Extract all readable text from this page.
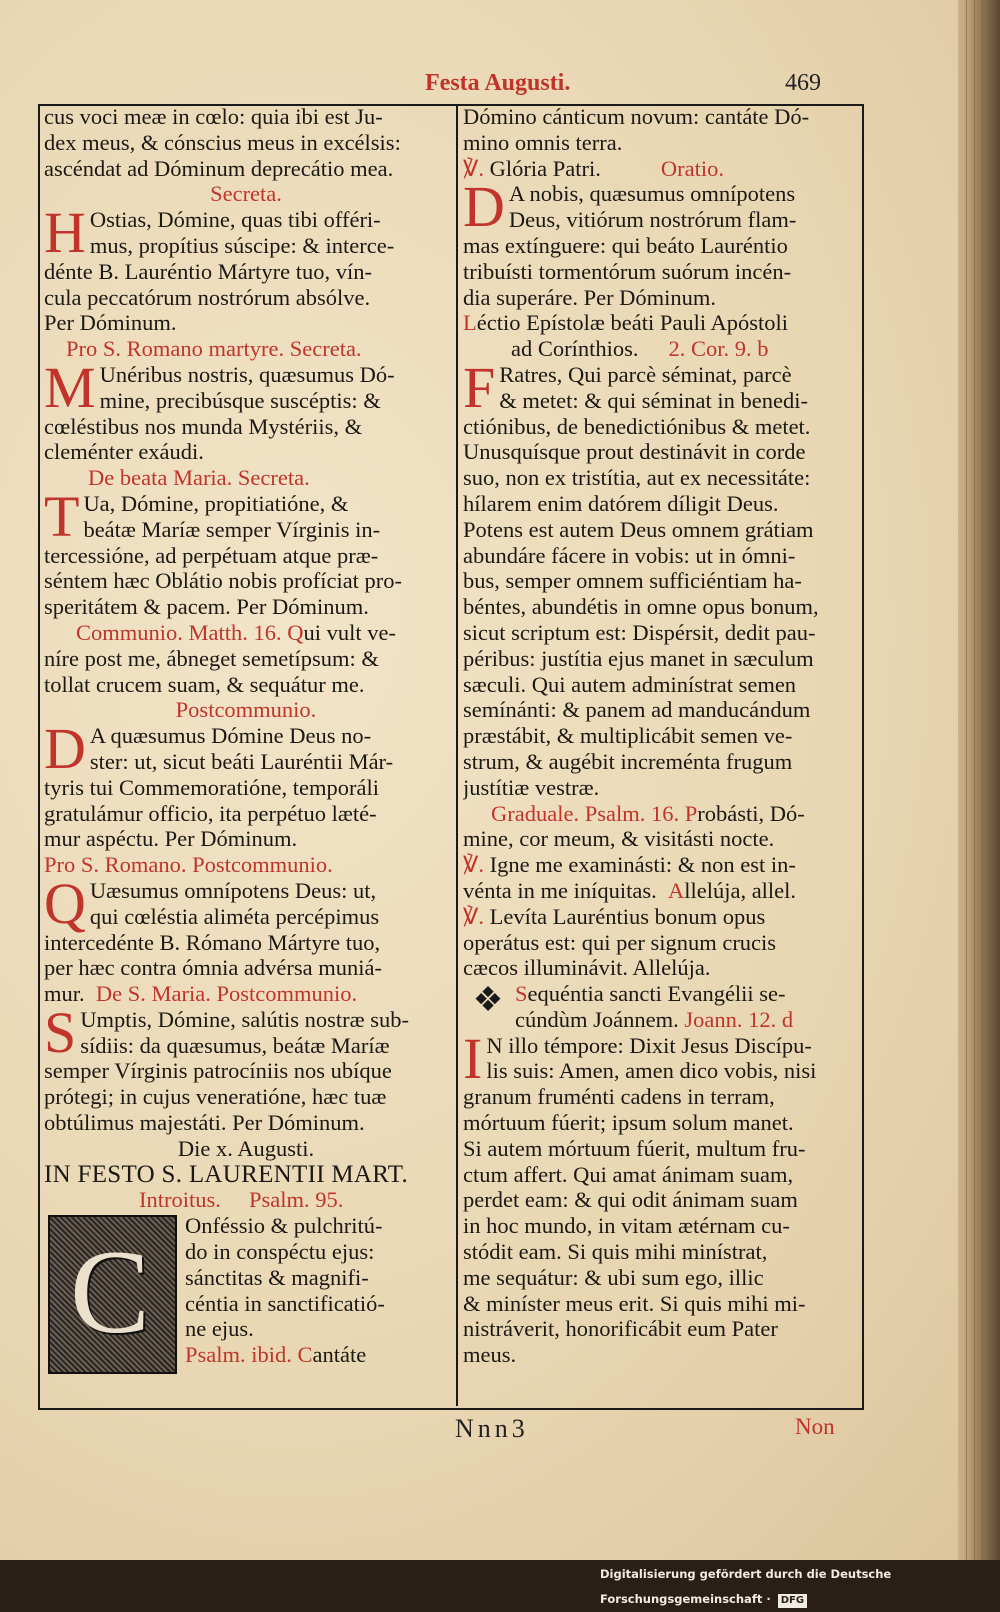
Festa Augusti.	469
cus voci meæ in cœlo: quia ibi est Ju-
dex meus, & cónscius meus in excélsis:
ascéndat ad Dóminum deprecátio mea.
Secreta.
H Ostias, Dómine, quas tibi offéri-
mus, propítius súscipe: & interce-
dénte B. Lauréntio Mártyre tuo, vín-
cula peccatórum nostrórum absólve.
Per Dóminum.
Pro S. Romano martyre. Secreta.
M Unéribus nostris, quæsumus Dó-
mine, precibúsque suscéptis: &
cœléstibus nos munda Mystériis, &
cleménter exáudi.
De beata Maria. Secreta.
T Ua, Dómine, propitiatióne, &
beátæ Maríæ semper Vírginis in-
tercessióne, ad perpétuam atque præ-
séntem hæc Oblátio nobis profíciat pro-
speritátem & pacem. Per Dóminum.
Communio. Matth. 16. Qui vult ve-
níre post me, ábneget semetípsum: &
tollat crucem suam, & sequátur me.
Postcommunio.
D A quæsumus Dómine Deus no-
ster: ut, sicut beáti Lauréntii Már-
tyris tui Commemoratióne, temporáli
gratulámur officio, ita perpétuo læté-
mur aspéctu. Per Dóminum.
Pro S. Romano. Postcommunio.
Q Uæsumus omnípotens Deus: ut,
qui cœléstia aliméta percépimus
intercedénte B. Rómano Mártyre tuo,
per hæc contra ómnia advérsa muniá-
mur. De S. Maria. Postcommunio.
S Umptis, Dómine, salútis nostræ sub-
sídiis: da quæsumus, beátæ Maríæ
semper Vírginis patrocíniis nos ubíque
prótegi; in cujus veneratióne, hæc tuæ
obtúlimus majestáti. Per Dóminum.
Die x. Augusti.
IN FESTO S. LAURENTII MART.
Introitus. Psalm. 95.
C Onféssio & pulchritú-
do in conspéctu ejus:
sánctitas & magnifi-
céntia in sanctificatió-
ne ejus.
Psalm. ibid. Cantáte
Dómino cánticum novum: cantáte Dó-
mino omnis terra.
℣. Glória Patri.	Oratio.
D A nobis, quæsumus omnípotens
Deus, vitiórum nostrórum flam-
mas extínguere: qui beáto Lauréntio
tribuísti tormentórum suórum incén-
dia superáre. Per Dóminum.
Léctio Epístolæ beáti Pauli Apóstoli
ad Corínthios. 2. Cor. 9. b
F Ratres, Qui parcè séminat, parcè
& metet: & qui séminat in benedi-
ctiónibus, de benedictiónibus & metet.
Unusquísque prout destinávit in corde
suo, non ex tristítia, aut ex necessitáte:
hílarem enim datórem díligit Deus.
Potens est autem Deus omnem grátiam
abundáre fácere in vobis: ut in ómni-
bus, semper omnem sufficiéntiam ha-
béntes, abundétis in omne opus bonum,
sicut scriptum est: Dispérsit, dedit pau-
péribus: justítia ejus manet in sæculum
sæculi. Qui autem adminístrat semen
semínánti: & panem ad manducándum
præstábit, & multiplicábit semen ve-
strum, & augébit increménta frugum
justítiæ vestræ.
Graduale. Psalm. 16. Probásti, Dó-
mine, cor meum, & visitásti nocte.
℣. Igne me examinásti: & non est in-
vénta in me iníquitas. Allelúja, allel.
℣. Levíta Lauréntius bonum opus
operátus est: qui per signum crucis
cæcos illuminávit. Allelúja.
❖ Sequéntia sancti Evangélii se-
cúndùm Joánnem. Joann. 12. d
I N illo témpore: Dixit Jesus Discípu-
lis suis: Amen, amen dico vobis, nisi
granum fruménti cadens in terram,
mórtuum fúerit; ipsum solum manet.
Si autem mórtuum fúerit, multum fru-
ctum affert. Qui amat ánimam suam,
perdet eam: & qui odit ánimam suam
in hoc mundo, in vitam ætérnam cu-
stódit eam. Si quis mihi minístrat,
me sequátur: & ubi sum ego, illic
& miníster meus erit. Si quis mihi mi-
nistráverit, honorificábit eum Pater
meus.
Nnn3	Non
Digitalisierung gefördert durch die Deutsche Forschungsgemeinschaft · DFG
